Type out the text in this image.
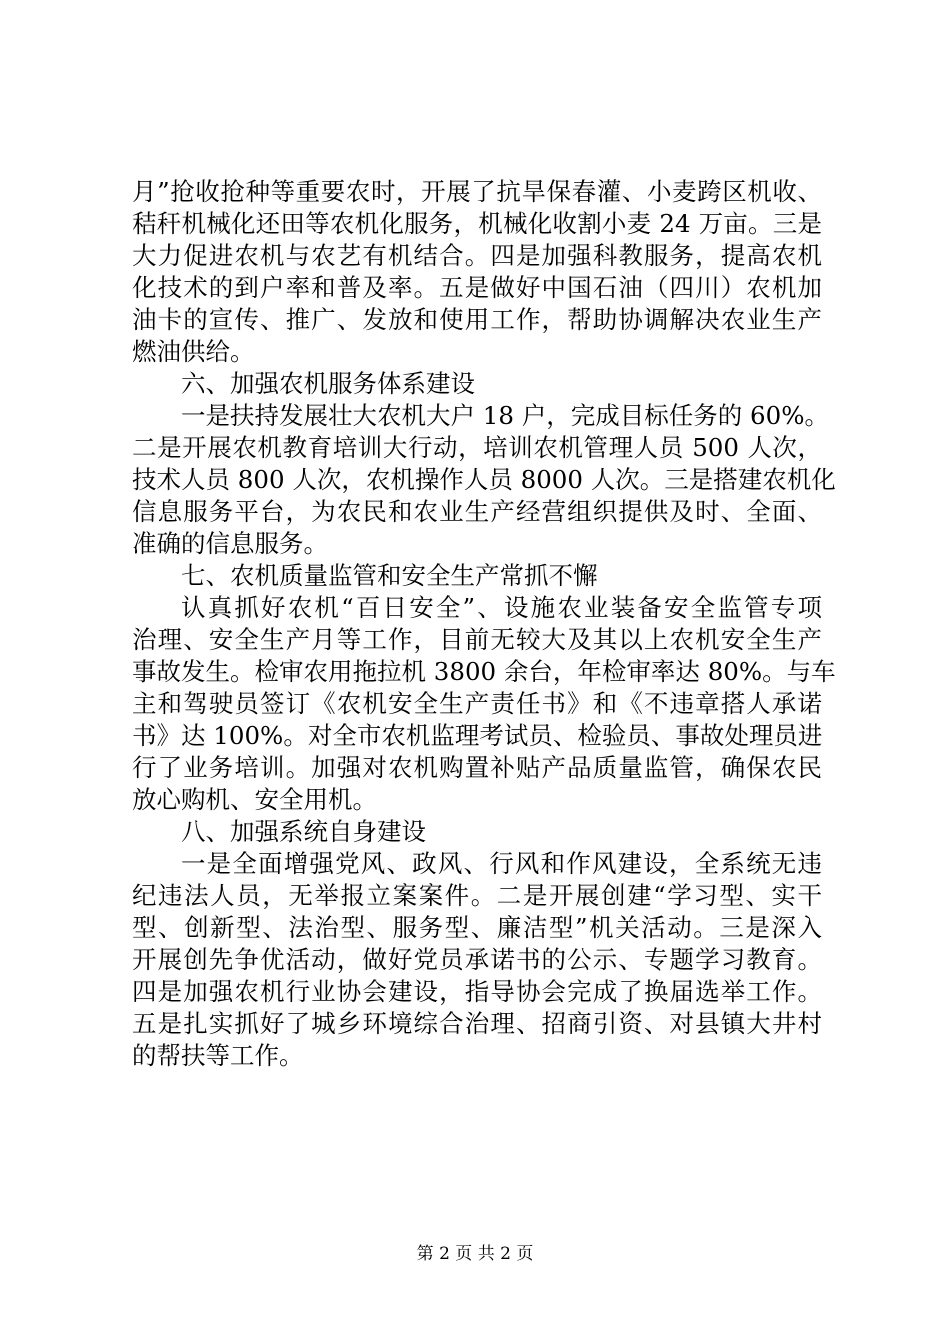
月”抢收抢种等重要农时，开展了抗旱保春灌、小麦跨区机收、
秸秆机械化还田等农机化服务，机械化收割小麦 24 万亩。三是
大力促进农机与农艺有机结合。四是加强科教服务，提高农机
化技术的到户率和普及率。五是做好中国石油（四川）农机加
油卡的宣传、推广、发放和使用工作，帮助协调解决农业生产
燃油供给。
六、加强农机服务体系建设
一是扶持发展壮大农机大户 18 户，完成目标任务的 60%。
二是开展农机教育培训大行动，培训农机管理人员 500 人次，
技术人员 800 人次，农机操作人员 8000 人次。三是搭建农机化
信息服务平台，为农民和农业生产经营组织提供及时、全面、
准确的信息服务。
七、农机质量监管和安全生产常抓不懈
认真抓好农机“百日安全”、设施农业装备安全监管专项
治理、安全生产月等工作，目前无较大及其以上农机安全生产
事故发生。检审农用拖拉机 3800 余台，年检审率达 80%。与车
主和驾驶员签订《农机安全生产责任书》和《不违章搭人承诺
书》达 100%。对全市农机监理考试员、检验员、事故处理员进
行了业务培训。加强对农机购置补贴产品质量监管，确保农民
放心购机、安全用机。
八、加强系统自身建设
一是全面增强党风、政风、行风和作风建设，全系统无违
纪违法人员，无举报立案案件。二是开展创建“学习型、实干
型、创新型、法治型、服务型、廉洁型”机关活动。三是深入
开展创先争优活动，做好党员承诺书的公示、专题学习教育。
四是加强农机行业协会建设，指导协会完成了换届选举工作。
五是扎实抓好了城乡环境综合治理、招商引资、对县镇大井村
的帮扶等工作。
第 2 页 共 2 页
